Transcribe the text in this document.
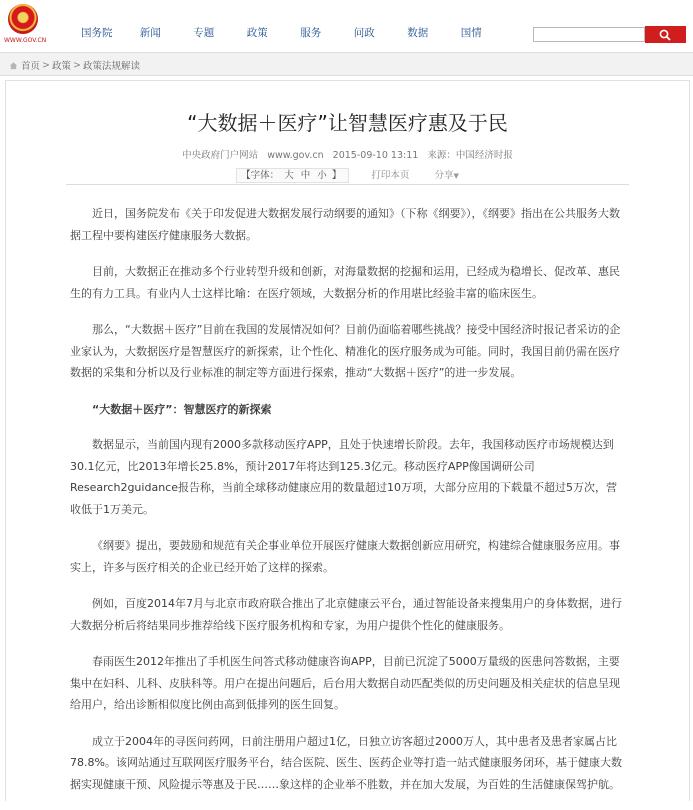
WWW.GOV.CN
国务院	新闻	专题	政策	服务	问政	数据	国情
首页 > 政策 > 政策法规解读
“大数据＋医疗”让智慧医疗惠及于民
中央政府门户网站 www.gov.cn 2015-09-10 13:11 来源：中国经济时报
【字体： 大 中 小 】	打印本页	分享▼

近日，国务院发布《关于印发促进大数据发展行动纲要的通知》（下称《纲要》），《纲要》指出在公共服务大数据工程中要构建医疗健康服务大数据。

目前，大数据正在推动多个行业转型升级和创新，对海量数据的挖掘和运用，已经成为稳增长、促改革、惠民生的有力工具。有业内人士这样比喻：在医疗领域，大数据分析的作用堪比经验丰富的临床医生。

那么，“大数据＋医疗”目前在我国的发展情况如何？目前仍面临着哪些挑战？接受中国经济时报记者采访的企业家认为，大数据医疗是智慧医疗的新探索，让个性化、精准化的医疗服务成为可能。同时，我国目前仍需在医疗数据的采集和分析以及行业标准的制定等方面进行探索，推动“大数据＋医疗”的进一步发展。

“大数据＋医疗”：智慧医疗的新探索

数据显示，当前国内现有2000多款移动医疗APP，且处于快速增长阶段。去年，我国移动医疗市场规模达到30.1亿元，比2013年增长25.8%，预计2017年将达到125.3亿元。移动医疗APP像国调研公司Research2guidance报告称，当前全球移动健康应用的数量超过10万项，大部分应用的下载量不超过5万次，营收低于1万美元。

《纲要》提出，要鼓励和规范有关企事业单位开展医疗健康大数据创新应用研究，构建综合健康服务应用。事实上，许多与医疗相关的企业已经开始了这样的探索。

例如，百度2014年7月与北京市政府联合推出了北京健康云平台，通过智能设备来搜集用户的身体数据，进行大数据分析后将结果同步推荐给线下医疗服务机构和专家，为用户提供个性化的健康服务。

春雨医生2012年推出了手机医生问答式移动健康咨询APP，目前已沉淀了5000万量级的医患问答数据，主要集中在妇科、儿科、皮肤科等。用户在提出问题后，后台用大数据自动匹配类似的历史问题及相关症状的信息呈现给用户，给出诊断相似度比例由高到低排列的医生回复。

成立于2004年的寻医问药网，日前注册用户超过1亿，日独立访客超过2000万人，其中患者及患者家属占比78.8%。该网站通过互联网医疗服务平台，结合医院、医生、医药企业等打造一站式健康服务闭环，基于健康大数据实现健康干预、风险提示等惠及于民……象这样的企业举不胜数，并在加大发展，为百姓的生活健康保驾护航。
